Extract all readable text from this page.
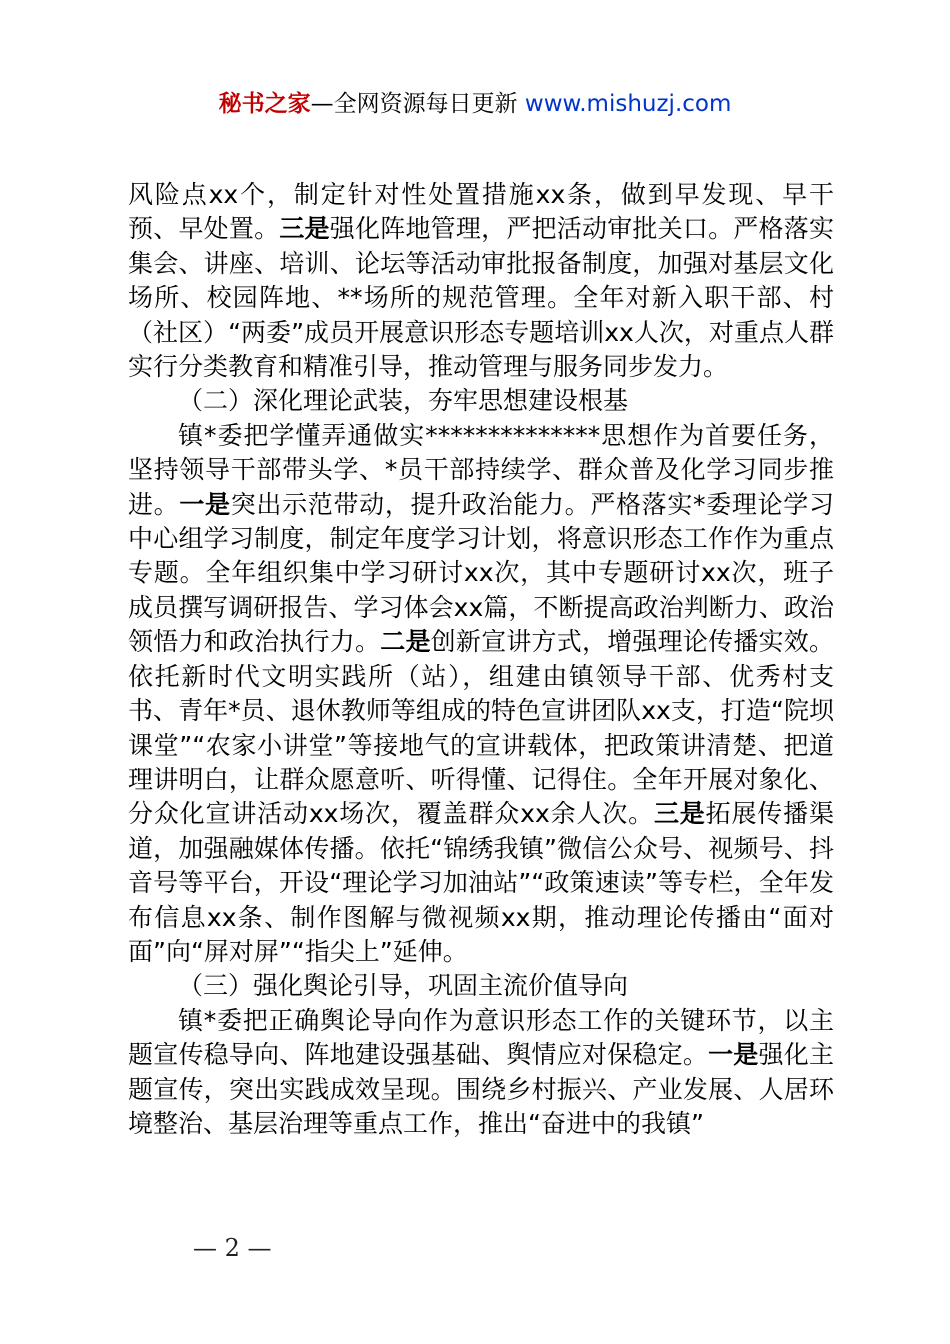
秘书之家—全网资源每日更新 www.mishuzj.com

风险点xx个，制定针对性处置措施xx条，做到早发现、早干预、早处置。三是强化阵地管理，严把活动审批关口。严格落实集会、讲座、培训、论坛等活动审批报备制度，加强对基层文化场所、校园阵地、**场所的规范管理。全年对新入职干部、村（社区）“两委”成员开展意识形态专题培训xx人次，对重点人群实行分类教育和精准引导，推动管理与服务同步发力。

（二）深化理论武装，夯牢思想建设根基

镇*委把学懂弄通做实**************思想作为首要任务，坚持领导干部带头学、*员干部持续学、群众普及化学习同步推进。一是突出示范带动，提升政治能力。严格落实*委理论学习中心组学习制度，制定年度学习计划，将意识形态工作作为重点专题。全年组织集中学习研讨xx次，其中专题研讨xx次，班子成员撰写调研报告、学习体会xx篇，不断提高政治判断力、政治领悟力和政治执行力。二是创新宣讲方式，增强理论传播实效。依托新时代文明实践所（站），组建由镇领导干部、优秀村支书、青年*员、退休教师等组成的特色宣讲团队xx支，打造“院坝课堂”“农家小讲堂”等接地气的宣讲载体，把政策讲清楚、把道理讲明白，让群众愿意听、听得懂、记得住。全年开展对象化、分众化宣讲活动xx场次，覆盖群众xx余人次。三是拓展传播渠道，加强融媒体传播。依托“锦绣我镇”微信公众号、视频号、抖音号等平台，开设“理论学习加油站”“政策速读”等专栏，全年发布信息xx条、制作图解与微视频xx期，推动理论传播由“面对面”向“屏对屏”“指尖上”延伸。

（三）强化舆论引导，巩固主流价值导向

镇*委把正确舆论导向作为意识形态工作的关键环节，以主题宣传稳导向、阵地建设强基础、舆情应对保稳定。一是强化主题宣传，突出实践成效呈现。围绕乡村振兴、产业发展、人居环境整治、基层治理等重点工作，推出“奋进中的我镇”

— 2 —
